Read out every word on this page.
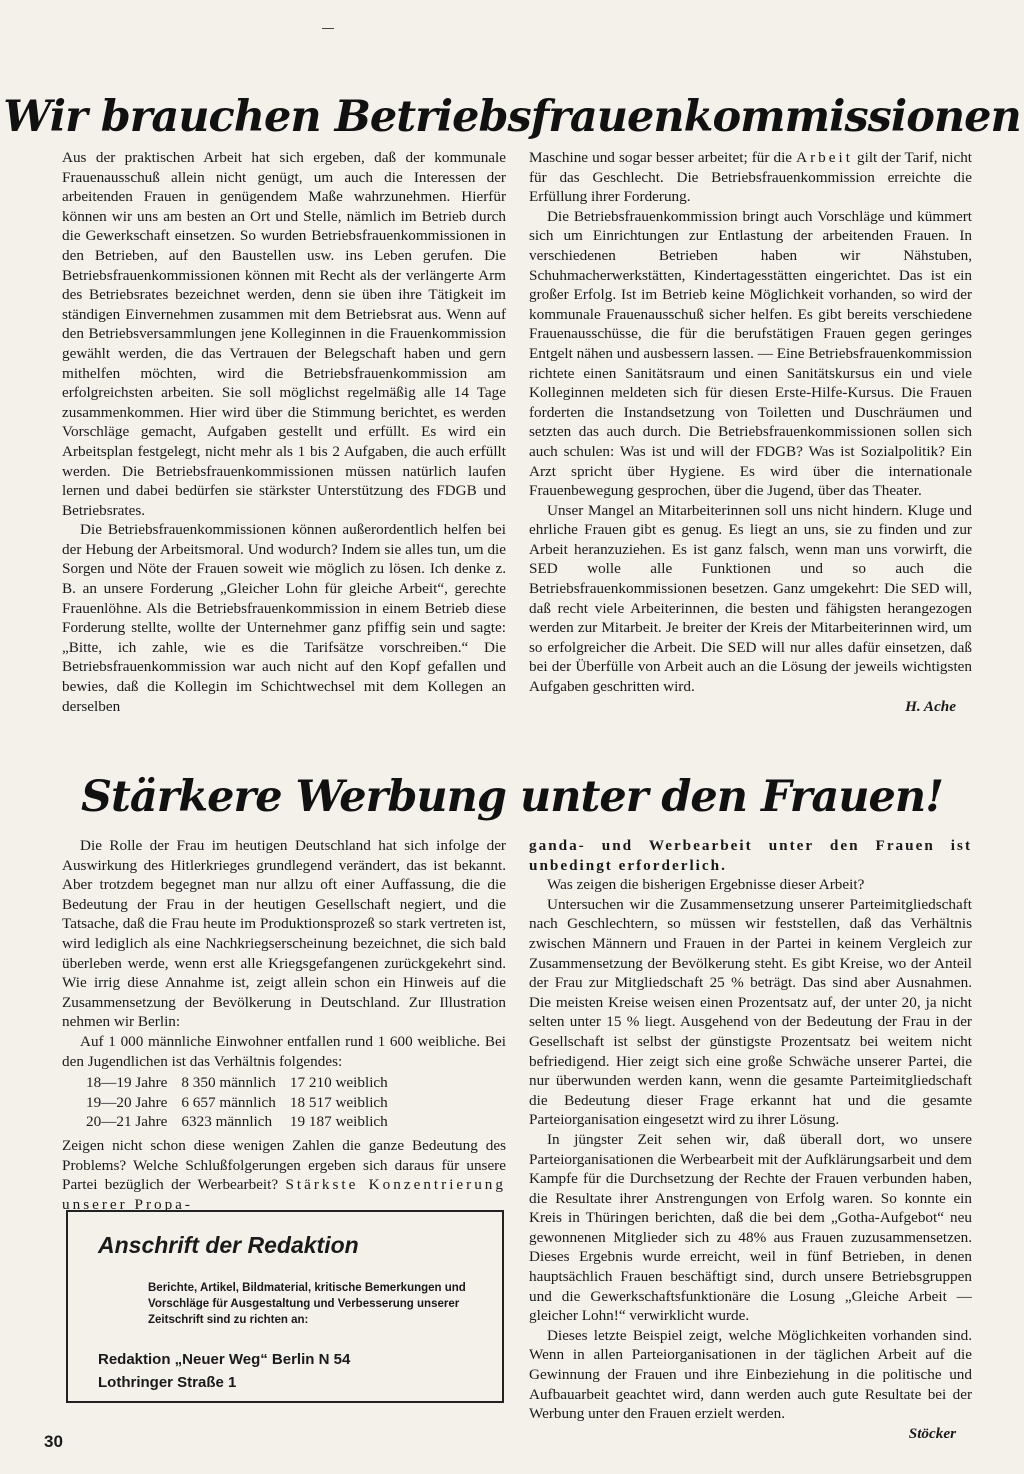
Wir brauchen Betriebsfrauenkommissionen

Aus der praktischen Arbeit hat sich ergeben, daß der kommunale Frauenausschuß allein nicht genügt, um auch die Interessen der arbeitenden Frauen in genügendem Maße wahrzunehmen. Hierfür können wir uns am besten an Ort und Stelle, nämlich im Betrieb durch die Gewerkschaft einsetzen. So wurden Betriebsfrauenkommissionen in den Betrieben, auf den Baustellen usw. ins Leben gerufen. Die Betriebsfrauenkommissionen können mit Recht als der verlängerte Arm des Betriebsrates bezeichnet werden, denn sie üben ihre Tätigkeit im ständigen Einvernehmen zusammen mit dem Betriebsrat aus. Wenn auf den Betriebsversammlungen jene Kolleginnen in die Frauenkommission gewählt werden, die das Vertrauen der Belegschaft haben und gern mithelfen möchten, wird die Betriebsfrauenkommission am erfolgreichsten arbeiten. Sie soll möglichst regelmäßig alle 14 Tage zusammenkommen. Hier wird über die Stimmung berichtet, es werden Vorschläge gemacht, Aufgaben gestellt und erfüllt. Es wird ein Arbeitsplan festgelegt, nicht mehr als 1 bis 2 Aufgaben, die auch erfüllt werden. Die Betriebsfrauenkommissionen müssen natürlich laufen lernen und dabei bedürfen sie stärkster Unterstützung des FDGB und Betriebsrates.

Die Betriebsfrauenkommissionen können außerordentlich helfen bei der Hebung der Arbeitsmoral. Und wodurch? Indem sie alles tun, um die Sorgen und Nöte der Frauen soweit wie möglich zu lösen. Ich denke z. B. an unsere Forderung „Gleicher Lohn für gleiche Arbeit“, gerechte Frauenlöhne. Als die Betriebsfrauenkommission in einem Betrieb diese Forderung stellte, wollte der Unternehmer ganz pfiffig sein und sagte: „Bitte, ich zahle, wie es die Tarifsätze vorschreiben.“ Die Betriebsfrauenkommission war auch nicht auf den Kopf gefallen und bewies, daß die Kollegin im Schichtwechsel mit dem Kollegen an derselben

Maschine und sogar besser arbeitet; für die Arbeit gilt der Tarif, nicht für das Geschlecht. Die Betriebsfrauenkommission erreichte die Erfüllung ihrer Forderung.

Die Betriebsfrauenkommission bringt auch Vorschläge und kümmert sich um Einrichtungen zur Entlastung der arbeitenden Frauen. In verschiedenen Betrieben haben wir Nähstuben, Schuhmacherwerkstätten, Kindertagesstätten eingerichtet. Das ist ein großer Erfolg. Ist im Betrieb keine Möglichkeit vorhanden, so wird der kommunale Frauenausschuß sicher helfen. Es gibt bereits verschiedene Frauenausschüsse, die für die berufstätigen Frauen gegen geringes Entgelt nähen und ausbessern lassen. — Eine Betriebsfrauenkommission richtete einen Sanitätsraum und einen Sanitätskursus ein und viele Kolleginnen meldeten sich für diesen Erste-Hilfe-Kursus. Die Frauen forderten die Instandsetzung von Toiletten und Duschräumen und setzten das auch durch. Die Betriebsfrauenkommissionen sollen sich auch schulen: Was ist und will der FDGB? Was ist Sozialpolitik? Ein Arzt spricht über Hygiene. Es wird über die internationale Frauenbewegung gesprochen, über die Jugend, über das Theater.

Unser Mangel an Mitarbeiterinnen soll uns nicht hindern. Kluge und ehrliche Frauen gibt es genug. Es liegt an uns, sie zu finden und zur Arbeit heranzuziehen. Es ist ganz falsch, wenn man uns vorwirft, die SED wolle alle Funktionen und so auch die Betriebsfrauenkommissionen besetzen. Ganz umgekehrt: Die SED will, daß recht viele Arbeiterinnen, die besten und fähigsten herangezogen werden zur Mitarbeit. Je breiter der Kreis der Mitarbeiterinnen wird, um so erfolgreicher die Arbeit. Die SED will nur alles dafür einsetzen, daß bei der Überfülle von Arbeit auch an die Lösung der jeweils wichtigsten Aufgaben geschritten wird.

H. Ache
Stärkere Werbung unter den Frauen!

Die Rolle der Frau im heutigen Deutschland hat sich infolge der Auswirkung des Hitlerkrieges grundlegend verändert, das ist bekannt. Aber trotzdem begegnet man nur allzu oft einer Auffassung, die die Bedeutung der Frau in der heutigen Gesellschaft negiert, und die Tatsache, daß die Frau heute im Produktionsprozeß so stark vertreten ist, wird lediglich als eine Nachkriegserscheinung bezeichnet, die sich bald überleben werde, wenn erst alle Kriegsgefangenen zurückgekehrt sind. Wie irrig diese Annahme ist, zeigt allein schon ein Hinweis auf die Zusammensetzung der Bevölkerung in Deutschland. Zur Illustration nehmen wir Berlin:

Auf 1 000 männliche Einwohner entfallen rund 1 600 weibliche. Bei den Jugendlichen ist das Verhältnis folgendes:

18—19 Jahre	8 350 männlich	17 210 weiblich
19—20 Jahre	6 657 männlich	18 517 weiblich
20—21 Jahre	6323 männlich	19 187 weiblich

Zeigen nicht schon diese wenigen Zahlen die ganze Bedeutung des Problems? Welche Schlußfolgerungen ergeben sich daraus für unsere Partei bezüglich der Werbearbeit? Stärkste Konzentrierung unserer Propa-

ganda- und Werbearbeit unter den Frauen ist unbedingt erforderlich.

Was zeigen die bisherigen Ergebnisse dieser Arbeit?

Untersuchen wir die Zusammensetzung unserer Parteimitgliedschaft nach Geschlechtern, so müssen wir feststellen, daß das Verhältnis zwischen Männern und Frauen in der Partei in keinem Vergleich zur Zusammensetzung der Bevölkerung steht. Es gibt Kreise, wo der Anteil der Frau zur Mitgliedschaft 25 % beträgt. Das sind aber Ausnahmen. Die meisten Kreise weisen einen Prozentsatz auf, der unter 20, ja nicht selten unter 15 % liegt. Ausgehend von der Bedeutung der Frau in der Gesellschaft ist selbst der günstigste Prozentsatz bei weitem nicht befriedigend. Hier zeigt sich eine große Schwäche unserer Partei, die nur überwunden werden kann, wenn die gesamte Parteimitgliedschaft die Bedeutung dieser Frage erkannt hat und die gesamte Parteiorganisation eingesetzt wird zu ihrer Lösung.

In jüngster Zeit sehen wir, daß überall dort, wo unsere Parteiorganisationen die Werbearbeit mit der Aufklärungsarbeit und dem Kampfe für die Durchsetzung der Rechte der Frauen verbunden haben, die Resultate ihrer Anstrengungen von Erfolg waren. So konnte ein Kreis in Thüringen berichten, daß die bei dem „Gotha-Aufgebot“ neu gewonnenen Mitglieder sich zu 48% aus Frauen zuzusammensetzen. Dieses Ergebnis wurde erreicht, weil in fünf Betrieben, in denen hauptsächlich Frauen beschäftigt sind, durch unsere Betriebsgruppen und die Gewerkschaftsfunktionäre die Losung „Gleiche Arbeit — gleicher Lohn!“ verwirklicht wurde.

Dieses letzte Beispiel zeigt, welche Möglichkeiten vorhanden sind. Wenn in allen Parteiorganisationen in der täglichen Arbeit auf die Gewinnung der Frauen und ihre Einbeziehung in die politische und Aufbauarbeit geachtet wird, dann werden auch gute Resultate bei der Werbung unter den Frauen erzielt werden.

Stöcker
Anschrift der Redaktion
Berichte, Artikel, Bildmaterial, kritische Bemerkungen und Vorschläge für Ausgestaltung und Verbesserung unserer Zeitschrift sind zu richten an:
Redaktion „Neuer Weg“ Berlin N 54
Lothringer Straße 1
30
